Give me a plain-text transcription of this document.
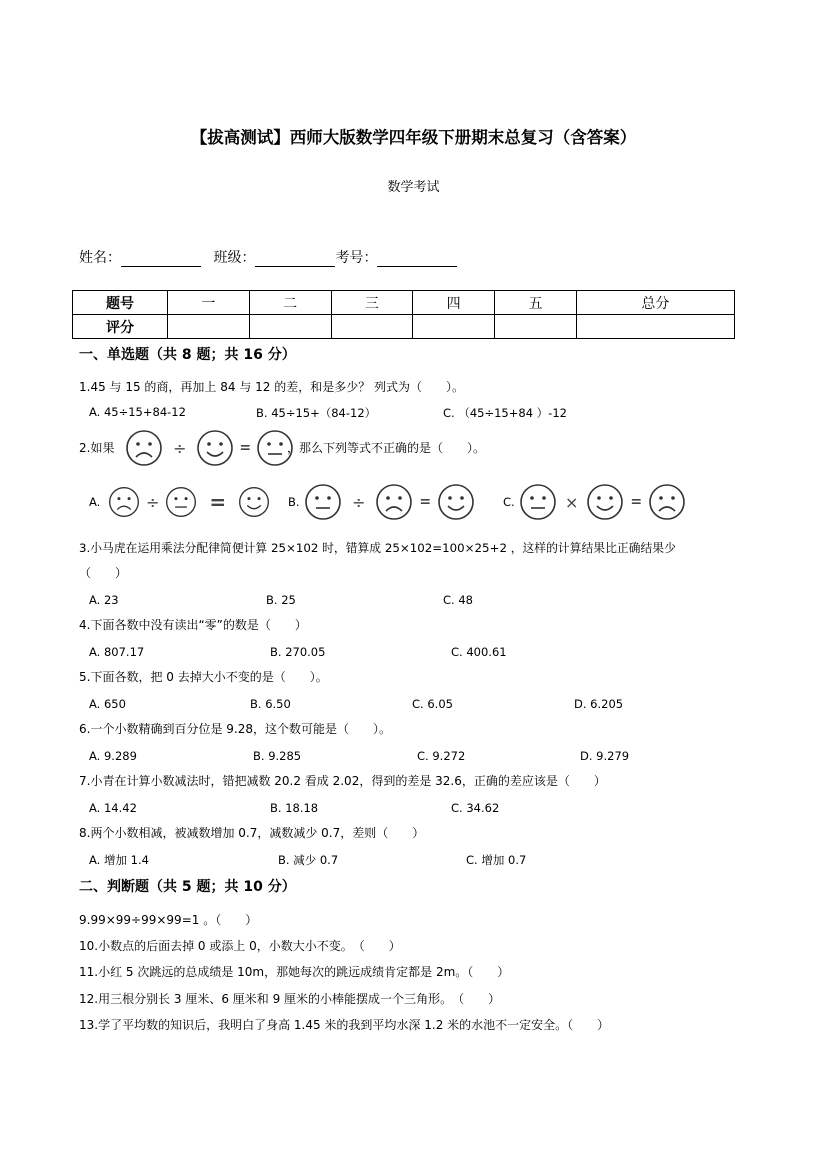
【拔高测试】西师大版数学四年级下册期末总复习（含答案）
数学考试
姓名：	班级：	考号：
题号	一	二	三	四	五	总分
评分						
一、单选题（共 8 题；共 16 分）
1.45 与 15 的商，再加上 84 与 12 的差，和是多少？ 列式为（　　）。
A. 45÷15+84-12	B. 45÷15+（84-12）	C. （45÷15+84 ）-12
2.如果	÷	=	，那么下列等式不正确的是（　　）。
A.	÷	=	B.	÷	=	C.	×	=
3.小马虎在运用乘法分配律简便计算 25×102 时，错算成 25×102=100×25+2 ，这样的计算结果比正确结果少
（　　）
A. 23	B. 25	C. 48
4.下面各数中没有读出“零”的数是（　　）
A. 807.17	B. 270.05	C. 400.61
5.下面各数，把 0 去掉大小不变的是（　　）。
A. 650	B. 6.50	C. 6.05	D. 6.205
6.一个小数精确到百分位是 9.28，这个数可能是（　　）。
A. 9.289	B. 9.285	C. 9.272	D. 9.279
7.小青在计算小数减法时，错把减数 20.2 看成 2.02，得到的差是 32.6，正确的差应该是（　　）
A. 14.42	B. 18.18	C. 34.62
8.两个小数相减，被减数增加 0.7，减数减少 0.7，差则（　　）
A. 增加 1.4	B. 减少 0.7	C. 增加 0.7
二、判断题（共 5 题；共 10 分）
9.99×99÷99×99=1 。（　　）
10.小数点的后面去掉 0 或添上 0，小数大小不变。　（　　）
11.小红 5 次跳远的总成绩是 10m，那她每次的跳远成绩肯定都是 2m。（　　）
12.用三根分别长 3 厘米、6 厘米和 9 厘米的小棒能摆成一个三角形。　（　　）
13.学了平均数的知识后，我明白了身高 1.45 米的我到平均水深 1.2 米的水池不一定安全。（　　）
